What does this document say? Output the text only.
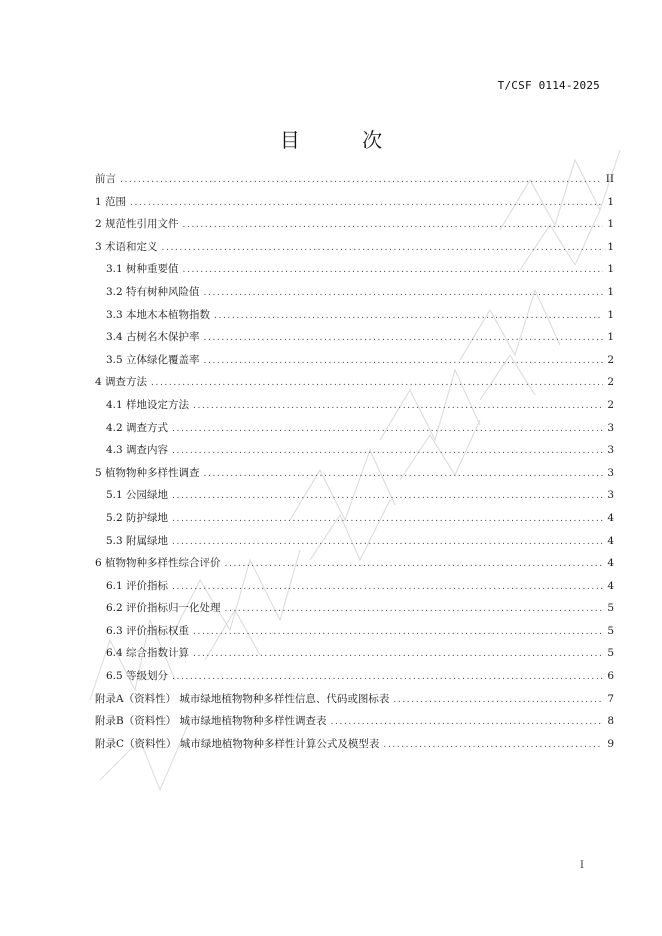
T/CSF 0114-2025
目 次
前言 .....	II
1 范围 .....	1
2 规范性引用文件 .....	1
3 术语和定义 .....	1
3.1 树种重要值 .....	1
3.2 特有树种风险值 .....	1
3.3 本地木本植物指数 .....	1
3.4 古树名木保护率 .....	1
3.5 立体绿化覆盖率 .....	2
4 调查方法 .....	2
4.1 样地设定方法 .....	2
4.2 调查方式 .....	3
4.3 调查内容 .....	3
5 植物物种多样性调查 .....	3
5.1 公园绿地 .....	3
5.2 防护绿地 .....	4
5.3 附属绿地 .....	4
6 植物物种多样性综合评价 .....	4
6.1 评价指标 .....	4
6.2 评价指标归一化处理 .....	5
6.3 评价指标权重 .....	5
6.4 综合指数计算 .....	5
6.5 等级划分 .....	6
附录A（资料性） 城市绿地植物物种多样性信息、代码或图标表 .....	7
附录B（资料性） 城市绿地植物物种多样性调查表 .....	8
附录C（资料性） 城市绿地植物物种多样性计算公式及模型表 .....	9
I
